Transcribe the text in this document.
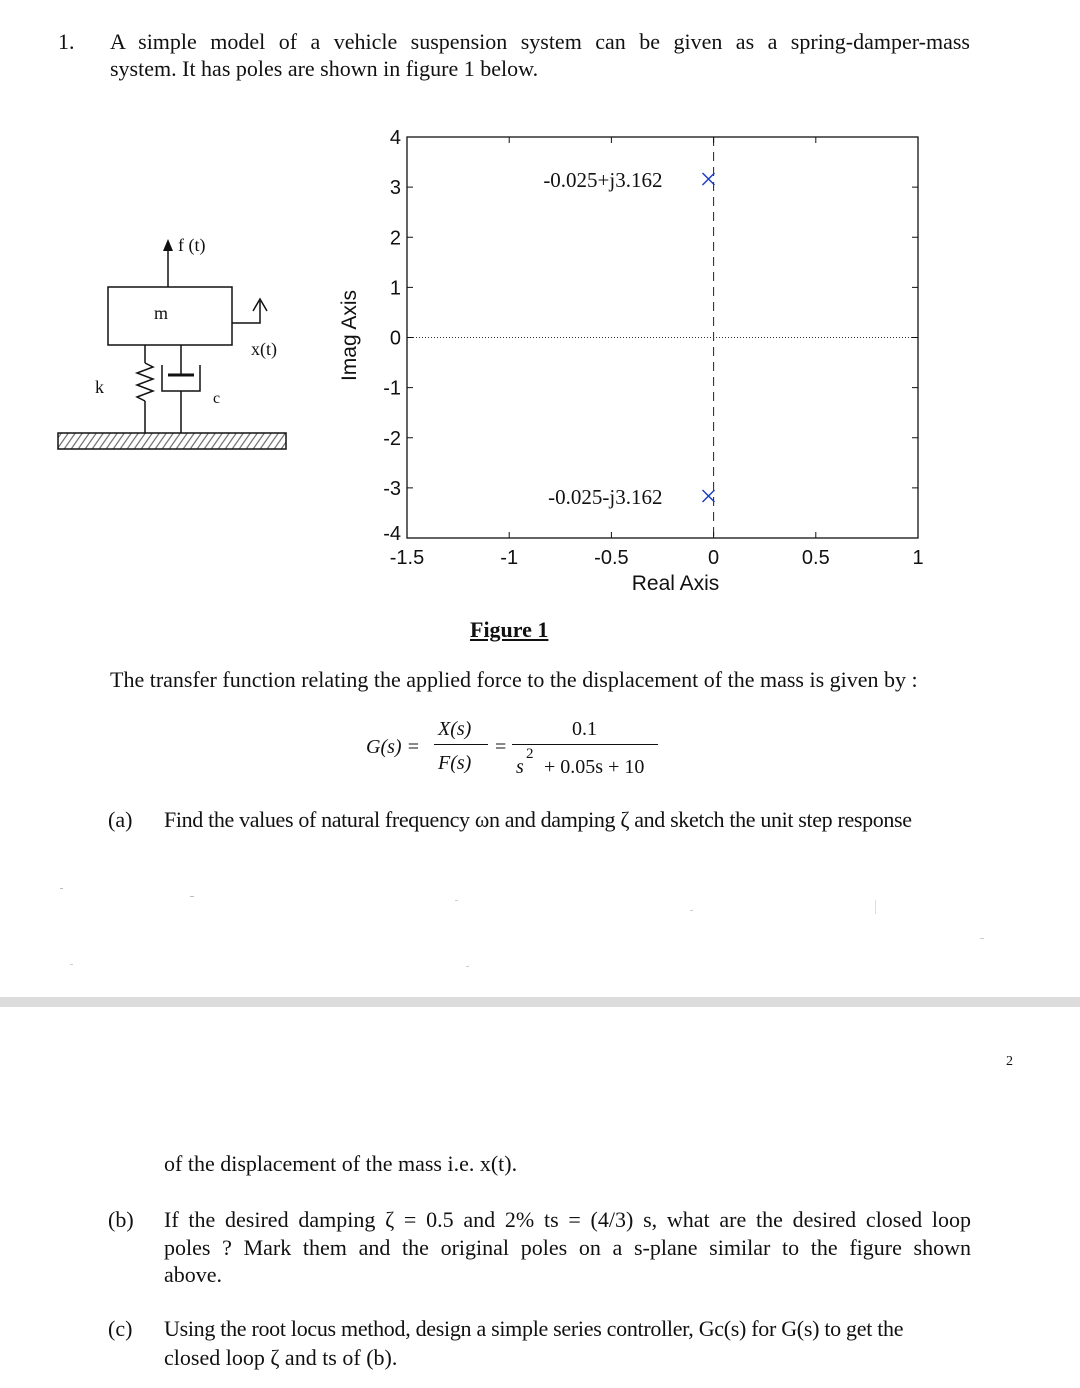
1. A simple model of a vehicle suspension system can be given as a spring-damper-mass
system. It has poles are shown in figure 1 below.
f (t)
m
x(t)
k
c
-1.5	-1	-0.5	0	0.5	1
4
3
2
1
0
-1
-2
-3
-4
Real Axis
Imag Axis
-0.025+j3.162
-0.025-j3.162
Figure 1
The transfer function relating the applied force to the displacement of the mass is given by :
G(s) =
X(s)
F(s)
=
0.1
s
2
+ 0.05s + 10
(a) Find the values of natural frequency ωn and damping ζ and sketch the unit step response
2
of the displacement of the mass i.e. x(t).
(b) If the desired damping ζ = 0.5 and 2% ts = (4/3) s, what are the desired closed loop
poles ? Mark them and the original poles on a s-plane similar to the figure shown
above.
(c) Using the root locus method, design a simple series controller, Gc(s) for G(s) to get the
closed loop ζ and ts of (b).
